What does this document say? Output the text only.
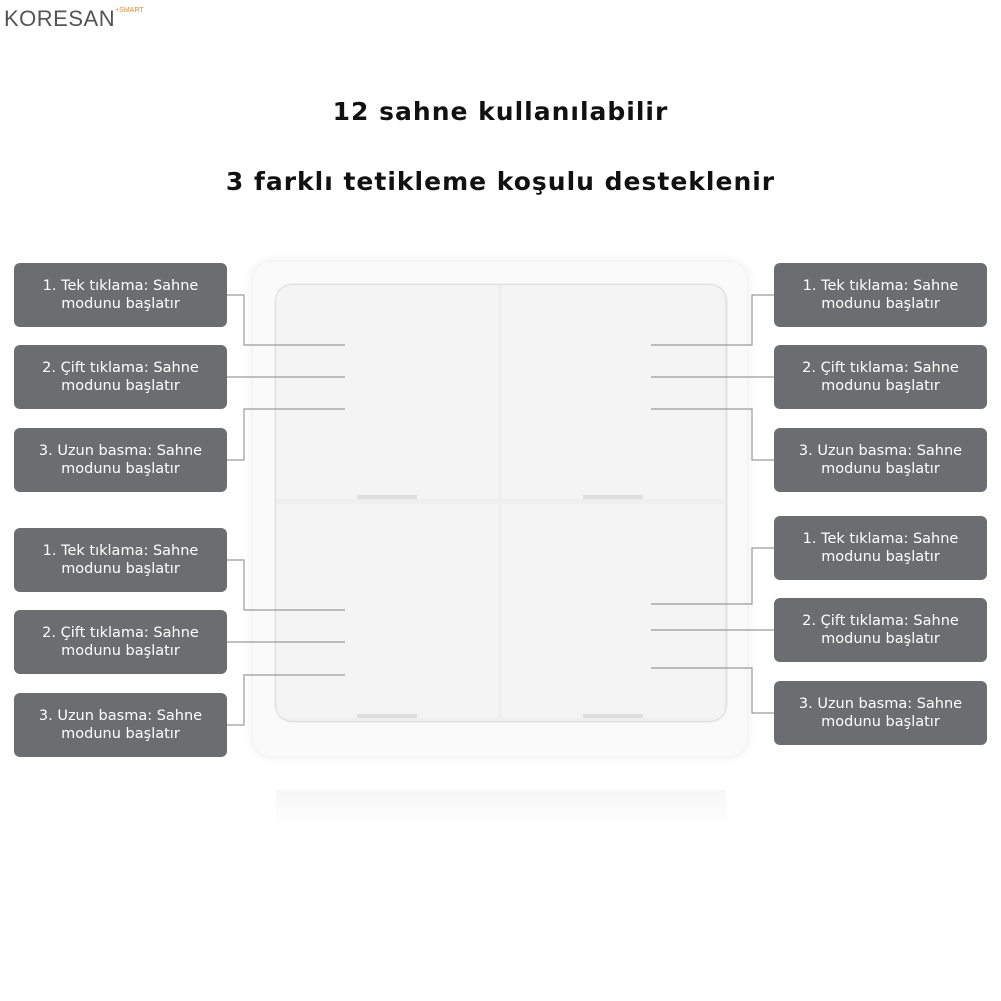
$KORESAN^{+SMART}$
12 sahne kullanılabilir
3 farklı tetikleme koşulu desteklenir
1. Tek tıklama: Sahne
modunu başlatır
2. Çift tıklama: Sahne
modunu başlatır
3. Uzun basma: Sahne
modunu başlatır
1. Tek tıklama: Sahne
modunu başlatır
2. Çift tıklama: Sahne
modunu başlatır
3. Uzun basma: Sahne
modunu başlatır
1. Tek tıklama: Sahne
modunu başlatır
2. Çift tıklama: Sahne
modunu başlatır
3. Uzun basma: Sahne
modunu başlatır
1. Tek tıklama: Sahne
modunu başlatır
2. Çift tıklama: Sahne
modunu başlatır
3. Uzun basma: Sahne
modunu başlatır
